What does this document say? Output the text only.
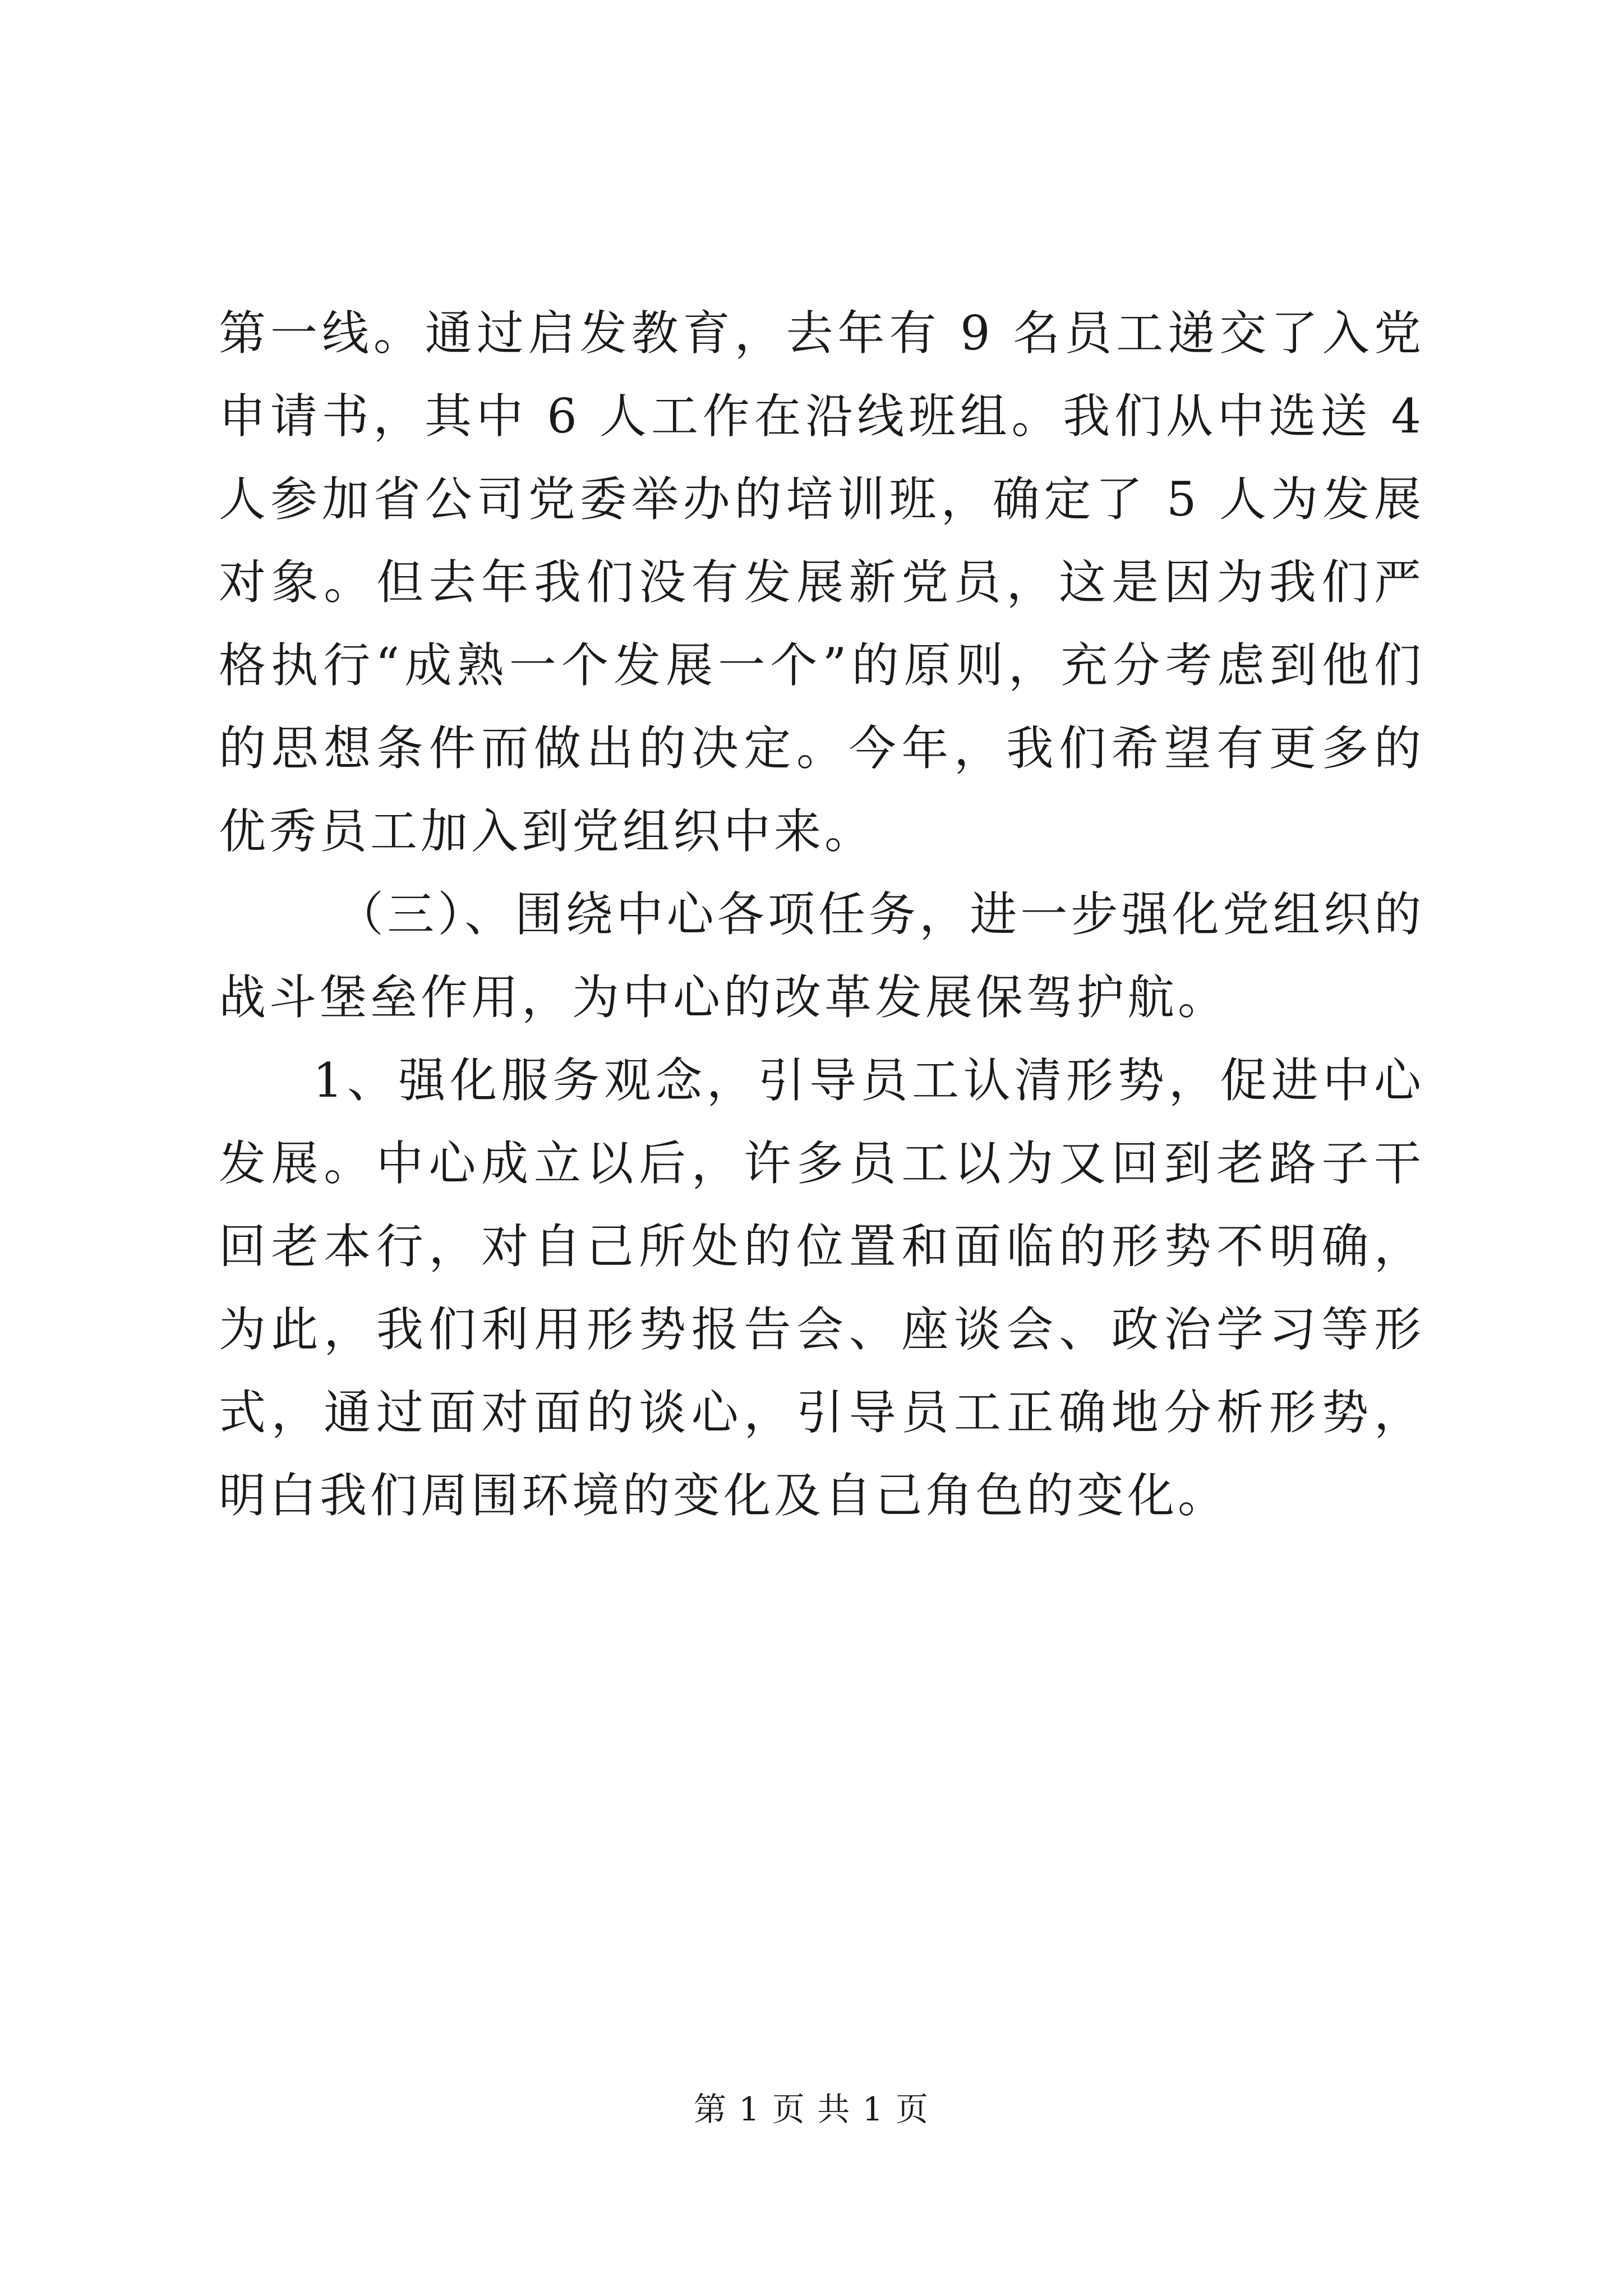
第一线。通过启发教育，去年有 9 名员工递交了入党申请书，其中 6 人工作在沿线班组。我们从中选送 4 人参加省公司党委举办的培训班，确定了 5 人为发展对象。但去年我们没有发展新党员，这是因为我们严格执行“成熟一个发展一个”的原则，充分考虑到他们的思想条件而做出的决定。今年，我们希望有更多的优秀员工加入到党组织中来。

（三）、围绕中心各项任务，进一步强化党组织的战斗堡垒作用，为中心的改革发展保驾护航。

1、强化服务观念，引导员工认清形势，促进中心发展。中心成立以后，许多员工以为又回到老路子干回老本行，对自己所处的位置和面临的形势不明确，为此，我们利用形势报告会、座谈会、政治学习等形式，通过面对面的谈心，引导员工正确地分析形势，明白我们周围环境的变化及自己角色的变化。

第 1 页 共 1 页
